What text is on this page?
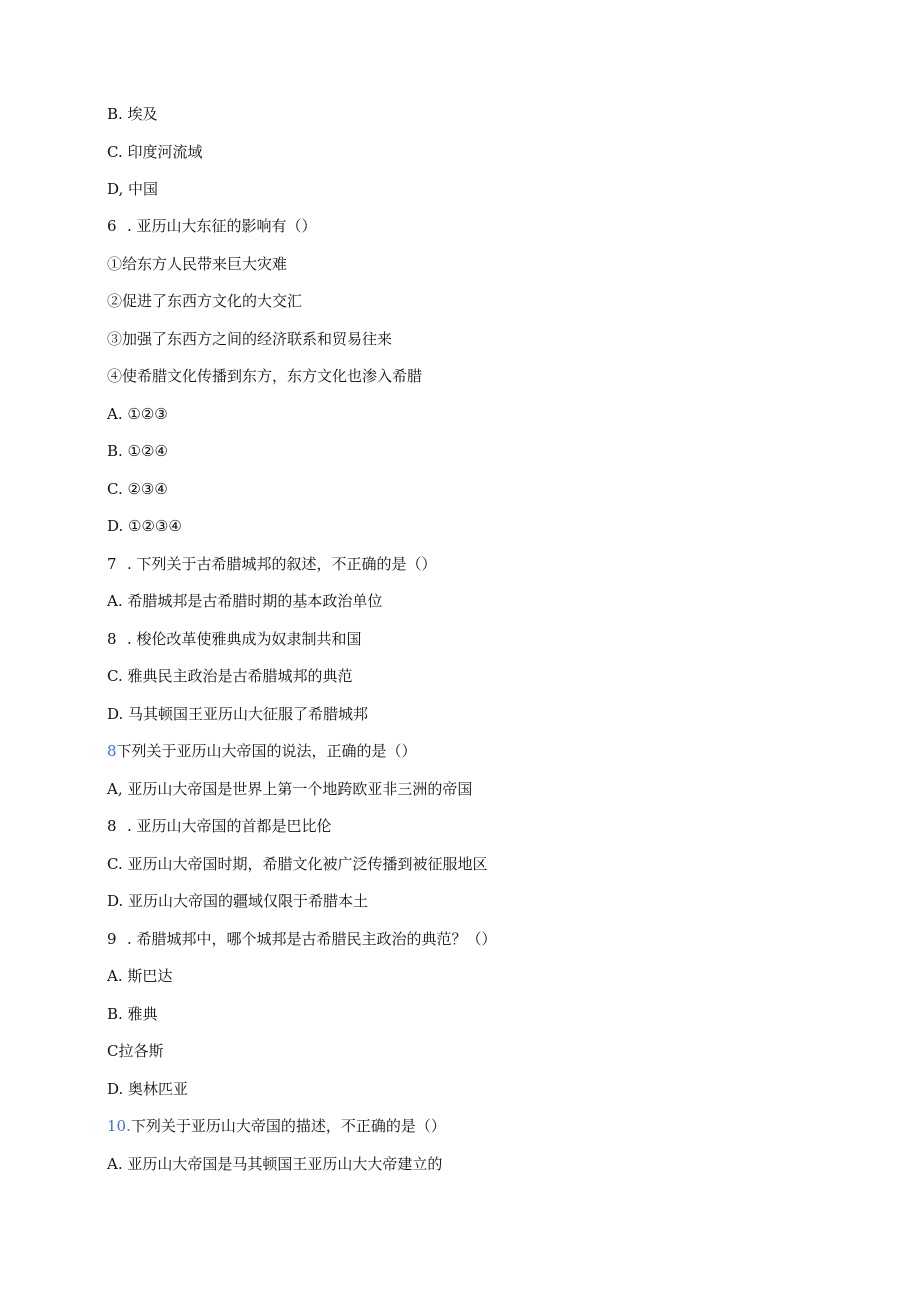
B. 埃及
C. 印度河流域
D, 中国
6 . 亚历山大东征的影响有（）
①给东方人民带来巨大灾难
②促进了东西方文化的大交汇
③加强了东西方之间的经济联系和贸易往来
④使希腊文化传播到东方，东方文化也渗入希腊
A. ①②③
B. ①②④
C. ②③④
D. ①②③④
7 . 下列关于古希腊城邦的叙述，不正确的是（）
A. 希腊城邦是古希腊时期的基本政治单位
8 . 梭伦改革使雅典成为奴隶制共和国
C. 雅典民主政治是古希腊城邦的典范
D. 马其顿国王亚历山大征服了希腊城邦
8下列关于亚历山大帝国的说法，正确的是（）
A, 亚历山大帝国是世界上第一个地跨欧亚非三洲的帝国
8 . 亚历山大帝国的首都是巴比伦
C. 亚历山大帝国时期，希腊文化被广泛传播到被征服地区
D. 亚历山大帝国的疆域仅限于希腊本土
9 . 希腊城邦中，哪个城邦是古希腊民主政治的典范？（）
A. 斯巴达
B. 雅典
C拉各斯
D. 奥林匹亚
10.下列关于亚历山大帝国的描述，不正确的是（）
A. 亚历山大帝国是马其顿国王亚历山大大帝建立的
